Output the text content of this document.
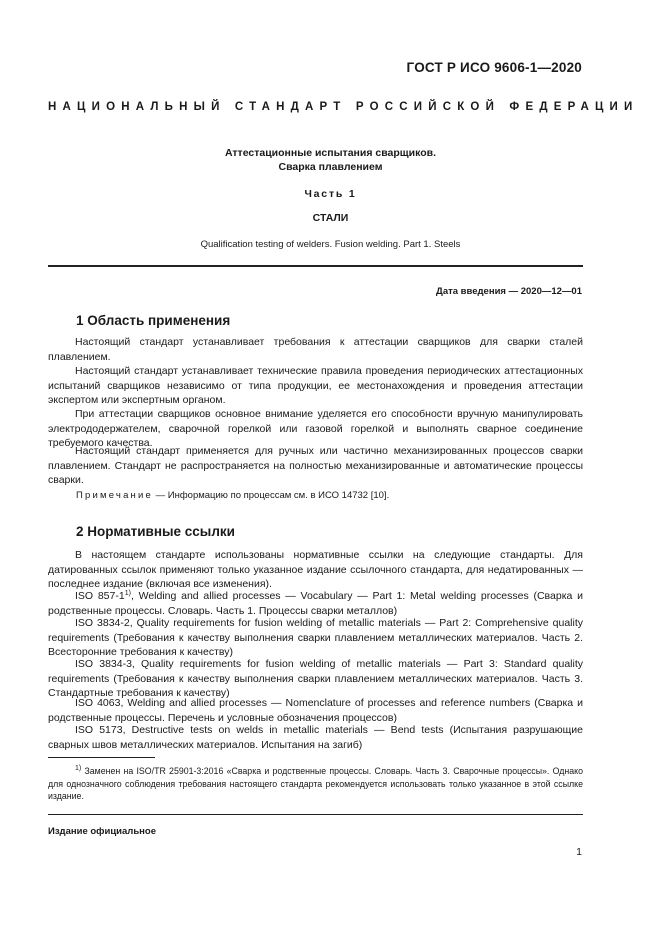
ГОСТ Р ИСО 9606-1—2020
НАЦИОНАЛЬНЫЙ СТАНДАРТ РОССИЙСКОЙ ФЕДЕРАЦИИ
Аттестационные испытания сварщиков.
Сварка плавлением
Часть 1
СТАЛИ
Qualification testing of welders. Fusion welding. Part 1. Steels
Дата введения — 2020—12—01
1 Область применения
Настоящий стандарт устанавливает требования к аттестации сварщиков для сварки сталей плавлением.
Настоящий стандарт устанавливает технические правила проведения периодических аттестационных испытаний сварщиков независимо от типа продукции, ее местонахождения и проведения аттестации экспертом или экспертным органом.
При аттестации сварщиков основное внимание уделяется его способности вручную манипулировать электрододержателем, сварочной горелкой или газовой горелкой и выполнять сварное соединение требуемого качества.
Настоящий стандарт применяется для ручных или частично механизированных процессов сварки плавлением. Стандарт не распространяется на полностью механизированные и автоматические процессы сварки.
Примечание — Информацию по процессам см. в ИСО 14732 [10].
2 Нормативные ссылки
В настоящем стандарте использованы нормативные ссылки на следующие стандарты. Для датированных ссылок применяют только указанное издание ссылочного стандарта, для недатированных — последнее издание (включая все изменения).
ISO 857-1$^{1)}$, Welding and allied processes — Vocabulary — Part 1: Metal welding processes (Сварка и родственные процессы. Словарь. Часть 1. Процессы сварки металлов)
ISO 3834-2, Quality requirements for fusion welding of metallic materials — Part 2: Comprehensive quality requirements (Требования к качеству выполнения сварки плавлением металлических материалов. Часть 2. Всесторонние требования к качеству)
ISO 3834-3, Quality requirements for fusion welding of metallic materials — Part 3: Standard quality requirements (Требования к качеству выполнения сварки плавлением металлических материалов. Часть 3. Стандартные требования к качеству)
ISO 4063, Welding and allied processes — Nomenclature of processes and reference numbers (Сварка и родственные процессы. Перечень и условные обозначения процессов)
ISO 5173, Destructive tests on welds in metallic materials — Bend tests (Испытания разрушающие сварных швов металлических материалов. Испытания на загиб)
$^{1)}$ Заменен на ISO/TR 25901-3:2016 «Сварка и родственные процессы. Словарь. Часть 3. Сварочные процессы». Однако для однозначного соблюдения требования настоящего стандарта рекомендуется использовать только указанное в этой ссылке издание.
Издание официальное
1
